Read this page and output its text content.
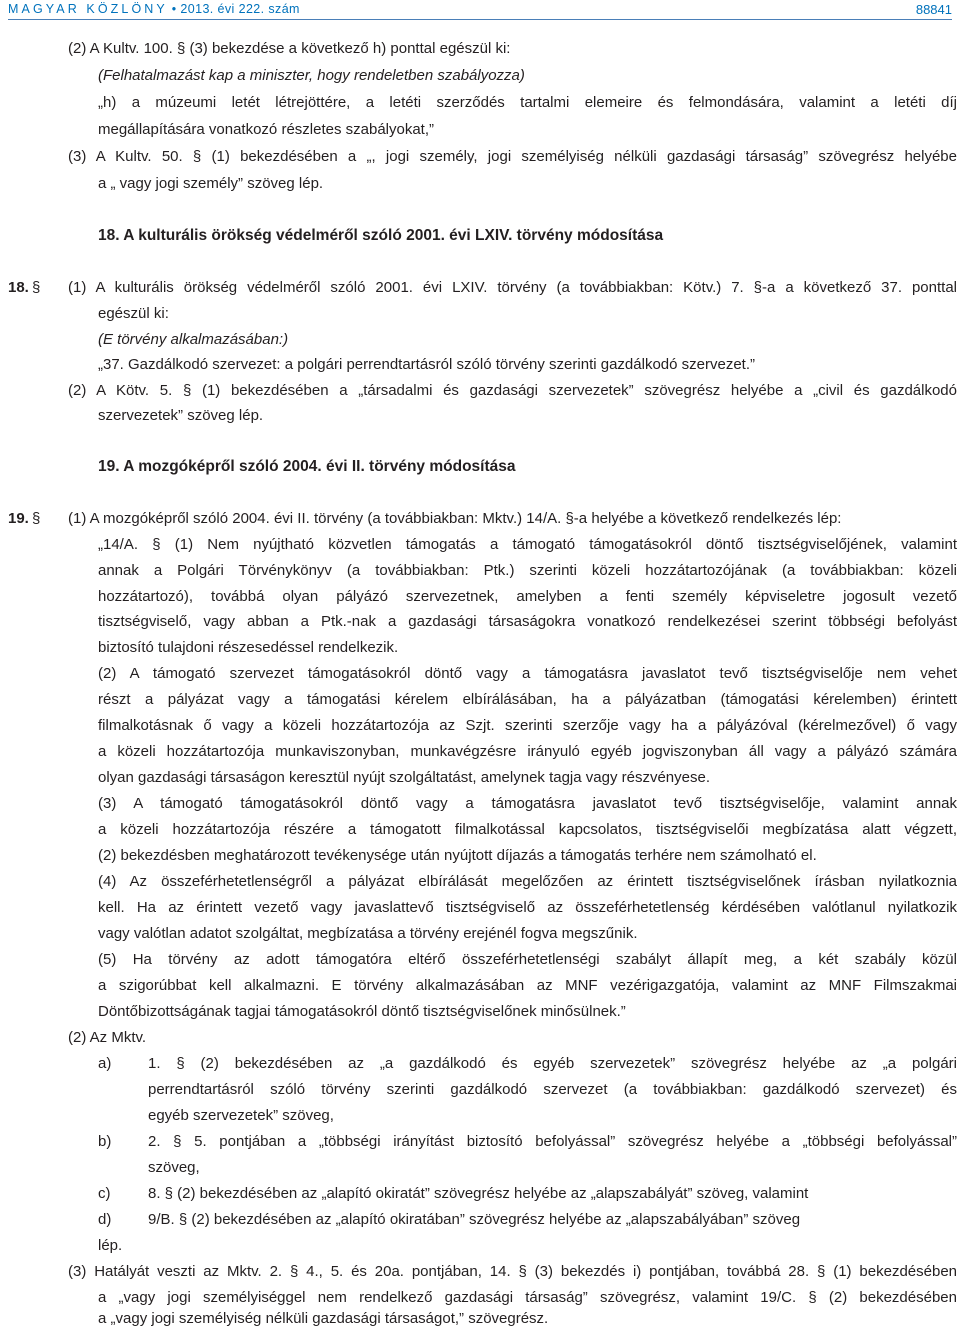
MAGYAR KÖZLÖNY • 2013. évi 222. szám	88841
(2) A Kultv. 100. § (3) bekezdése a következő h) ponttal egészül ki:
(Felhatalmazást kap a miniszter, hogy rendeletben szabályozza)
„h) a múzeumi letét létrejöttére, a letéti szerződés tartalmi elemeire és felmondására, valamint a letéti díj
megállapítására vonatkozó részletes szabályokat,”
(3) A Kultv. 50. § (1) bekezdésében a „, jogi személy, jogi személyiség nélküli gazdasági társaság” szövegrész helyébe
a „ vagy jogi személy” szöveg lép.
18. A kulturális örökség védelméről szóló 2001. évi LXIV. törvény módosítása
18. § (1) A kulturális örökség védelméről szóló 2001. évi LXIV. törvény (a továbbiakban: Kötv.) 7. §-a a következő 37. ponttal
egészül ki:
(E törvény alkalmazásában:)
„37. Gazdálkodó szervezet: a polgári perrendtartásról szóló törvény szerinti gazdálkodó szervezet.”
(2) A Kötv. 5. § (1) bekezdésében a „társadalmi és gazdasági szervezetek” szövegrész helyébe a „civil és gazdálkodó
szervezetek” szöveg lép.
19. A mozgóképről szóló 2004. évi II. törvény módosítása
19. § (1) A mozgóképről szóló 2004. évi II. törvény (a továbbiakban: Mktv.) 14/A. §-a helyébe a következő rendelkezés lép:
„14/A. § (1) Nem nyújtható közvetlen támogatás a támogató támogatásokról döntő tisztségviselőjének, valamint
annak a Polgári Törvénykönyv (a továbbiakban: Ptk.) szerinti közeli hozzátartozójának (a továbbiakban: közeli
hozzátartozó), továbbá olyan pályázó szervezetnek, amelyben a fenti személy képviseletre jogosult vezető
tisztségviselő, vagy abban a Ptk.-nak a gazdasági társaságokra vonatkozó rendelkezései szerint többségi befolyást
biztosító tulajdoni részesedéssel rendelkezik.
(2) A támogató szervezet támogatásokról döntő vagy a támogatásra javaslatot tevő tisztségviselője nem vehet
részt a pályázat vagy a támogatási kérelem elbírálásában, ha a pályázatban (támogatási kérelemben) érintett
filmalkotásnak ő vagy a közeli hozzátartozója az Szjt. szerinti szerzője vagy ha a pályázóval (kérelmezővel) ő vagy
a közeli hozzátartozója munkaviszonyban, munkavégzésre irányuló egyéb jogviszonyban áll vagy a pályázó számára
olyan gazdasági társaságon keresztül nyújt szolgáltatást, amelynek tagja vagy részvényese.
(3) A támogató támogatásokról döntő vagy a támogatásra javaslatot tevő tisztségviselője, valamint annak
a közeli hozzátartozója részére a támogatott filmalkotással kapcsolatos, tisztségviselői megbízatása alatt végzett,
(2) bekezdésben meghatározott tevékenysége után nyújtott díjazás a támogatás terhére nem számolható el.
(4) Az összeférhetetlenségről a pályázat elbírálását megelőzően az érintett tisztségviselőnek írásban nyilatkoznia
kell. Ha az érintett vezető vagy javaslattevő tisztségviselő az összeférhetetlenség kérdésében valótlanul nyilatkozik
vagy valótlan adatot szolgáltat, megbízatása a törvény erejénél fogva megszűnik.
(5) Ha törvény az adott támogatóra eltérő összeférhetetlenségi szabályt állapít meg, a két szabály közül
a szigorúbbat kell alkalmazni. E törvény alkalmazásában az MNF vezérigazgatója, valamint az MNF Filmszakmai
Döntőbizottságának tagjai támogatásokról döntő tisztségviselőnek minősülnek.”
(2) Az Mktv.
a) 1. § (2) bekezdésében az „a gazdálkodó és egyéb szervezetek” szövegrész helyébe az „a polgári
perrendtartásról szóló törvény szerinti gazdálkodó szervezet (a továbbiakban: gazdálkodó szervezet) és
egyéb szervezetek” szöveg,
b) 2. § 5. pontjában a „többségi irányítást biztosító befolyással” szövegrész helyébe a „többségi befolyással”
szöveg,
c)	8. § (2) bekezdésében az „alapító okiratát” szövegrész helyébe az „alapszabályát” szöveg, valamint
d) 9/B. § (2) bekezdésében az „alapító okiratában” szövegrész helyébe az „alapszabályában” szöveg
lép.
(3) Hatályát veszti az Mktv. 2. § 4., 5. és 20a. pontjában, 14. § (3) bekezdés i) pontjában, továbbá 28. § (1) bekezdésében
a „vagy jogi személyiséggel nem rendelkező gazdasági társaság” szövegrész, valamint 19/C. § (2) bekezdésében
a „vagy jogi személyiség nélküli gazdasági társaságot,” szövegrész.
